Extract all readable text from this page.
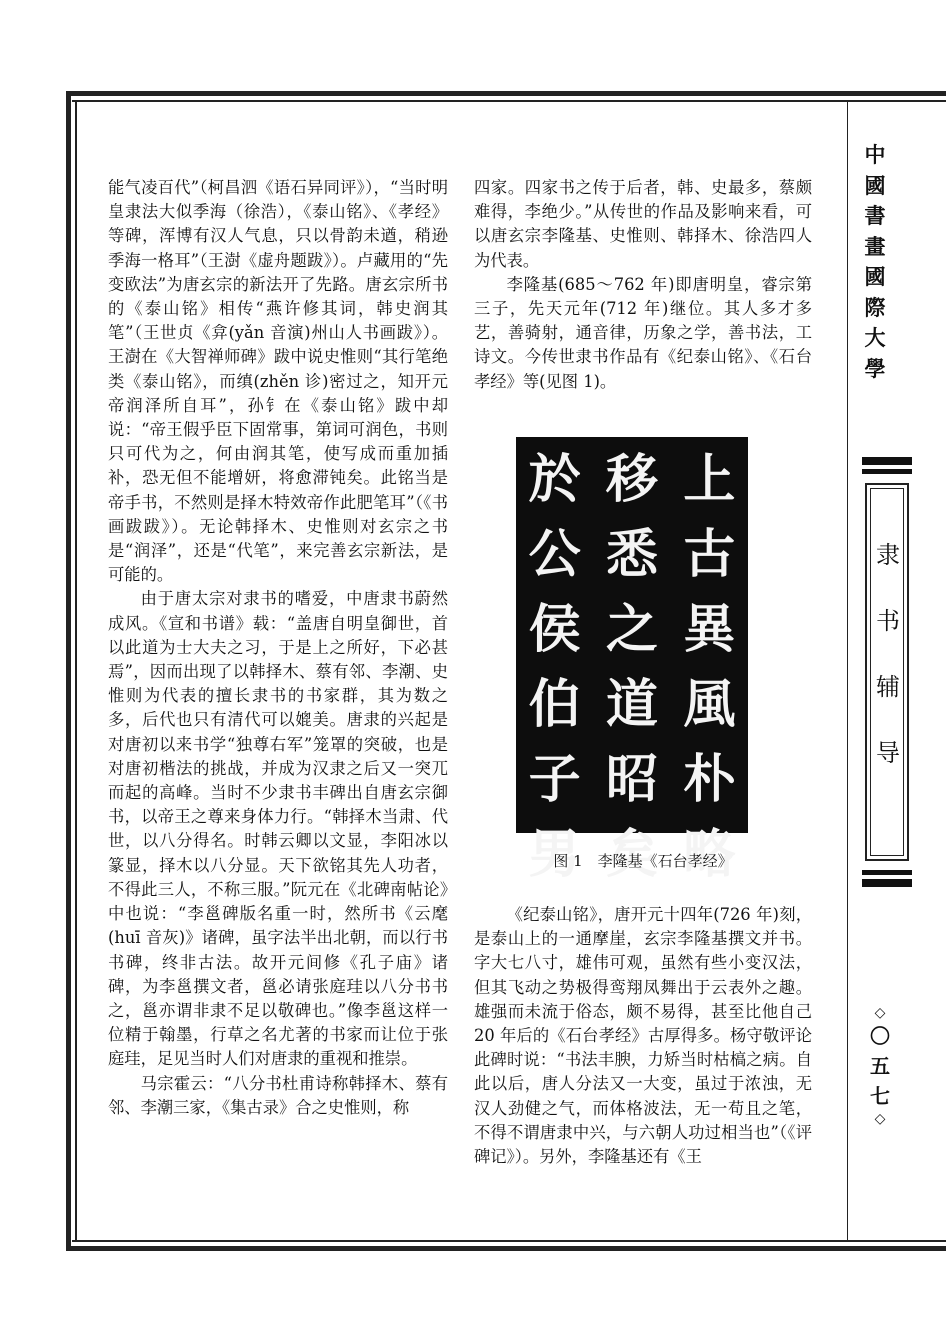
中
國
書
畫
國
際
大
學
隶
书
辅
导
◇
〇
五
七
◇

能气凌百代”（柯昌泗《语石异同评》），“当时明皇隶法大似季海（徐浩），《泰山铭》、《孝经》等碑，浑博有汉人气息，只以骨韵未遒，稍逊季海一格耳”（王澍《虚舟题跋》）。卢藏用的“先变欧法”为唐玄宗的新法开了先路。唐玄宗所书的《泰山铭》相传“燕许修其词，韩史润其笔”（王世贞《弇(yǎn 音演)州山人书画跋》）。王澍在《大智禅师碑》跋中说史惟则“其行笔绝类《泰山铭》，而缜(zhěn 诊)密过之，知开元帝润泽所自耳”，孙钅在《泰山铭》跋中却说：“帝王假乎臣下固常事，第词可润色，书则只可代为之，何由润其笔，使写成而重加插补，恐无但不能增妍，将愈滞钝矣。此铭当是帝手书，不然则是择木特效帝作此肥笔耳”（《书画跋跋》）。无论韩择木、史惟则对玄宗之书是“润泽”，还是“代笔”，来完善玄宗新法，是可能的。

由于唐太宗对隶书的嗜爱，中唐隶书蔚然成风。《宣和书谱》载：“盖唐自明皇御世，首以此道为士大夫之习，于是上之所好，下必甚焉”，因而出现了以韩择木、蔡有邻、李潮、史惟则为代表的擅长隶书的书家群，其为数之多，后代也只有清代可以媲美。唐隶的兴起是对唐初以来书学“独尊右军”笼罩的突破，也是对唐初楷法的挑战，并成为汉隶之后又一突兀而起的高峰。当时不少隶书丰碑出自唐玄宗御书，以帝王之尊来身体力行。“韩择木当肃、代世，以八分得名。时韩云卿以文显，李阳冰以篆显，择木以八分显。天下欲铭其先人功者，不得此三人，不称三服。”阮元在《北碑南帖论》中也说：“李邕碑版名重一时，然所书《云麾(huī 音灰)》诸碑，虽字法半出北朝，而以行书书碑，终非古法。故开元间修《孔子庙》诸碑，为李邕撰文者，邕必请张庭珪以八分书书之，邕亦谓非隶不足以敬碑也。”像李邕这样一位精于翰墨，行草之名尤著的书家而让位于张庭珪，足见当时人们对唐隶的重视和推崇。

马宗霍云：“八分书杜甫诗称韩择木、蔡有邻、李潮三家，《集古录》合之史惟则，称

四家。四家书之传于后者，韩、史最多，蔡颇难得，李绝少。”从传世的作品及影响来看，可以唐玄宗李隆基、史惟则、韩择木、徐浩四人为代表。

李隆基(685～762 年)即唐明皇，睿宗第三子，先天元年(712 年)继位。其人多才多艺，善骑射，通音律，历象之学，善书法，工诗文。今传世隶书作品有《纪泰山铭》、《石台孝经》等(见图 1)。

上
古
異
風
朴
略
移
悉
之
道
昭
矣
於
公
侯
伯
子
男
图 1　李隆基《石台孝经》

《纪泰山铭》，唐开元十四年(726 年)刻，是泰山上的一通摩崖，玄宗李隆基撰文并书。字大七八寸，雄伟可观，虽然有些小变汉法，但其飞动之势极得鸾翔凤舞出于云表外之趣。雄强而未流于俗态，颇不易得，甚至比他自己 20 年后的《石台孝经》古厚得多。杨守敬评论此碑时说：“书法丰腴，力矫当时枯槁之病。自此以后，唐人分法又一大变，虽过于浓浊，无汉人劲健之气，而体格波法，无一苟且之笔，不得不谓唐隶中兴，与六朝人功过相当也”（《评碑记》）。另外，李隆基还有《王
